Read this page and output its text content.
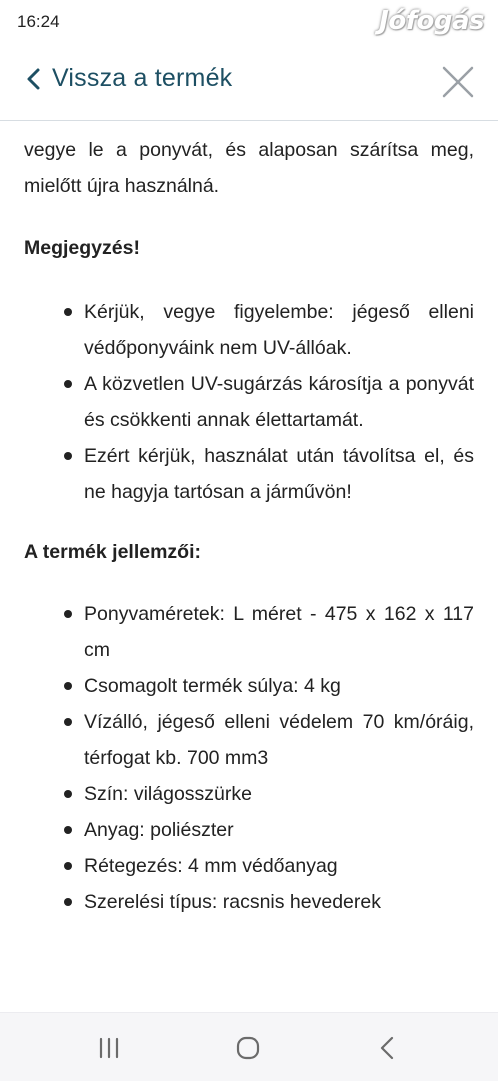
16:24	Jófogás
Vissza a termék

vegye le a ponyvát, és alaposan szárítsa meg, mielőtt újra használná.

Megjegyzés!

Kérjük, vegye figyelembe: jégeső elleni védőponyváink nem UV-állóak.
A közvetlen UV-sugárzás károsítja a ponyvát és csökkenti annak élettartamát.
Ezért kérjük, használat után távolítsa el, és ne hagyja tartósan a járművön!

A termék jellemzői:

Ponyvaméretek: L méret - 475 x 162 x 117 cm
Csomagolt termék súlya: 4 kg
Vízálló, jégeső elleni védelem 70 km/óráig, térfogat kb. 700 mm3
Szín: világosszürke
Anyag: poliészter
Rétegezés: 4 mm védőanyag
Szerelési típus: racsnis hevederek
